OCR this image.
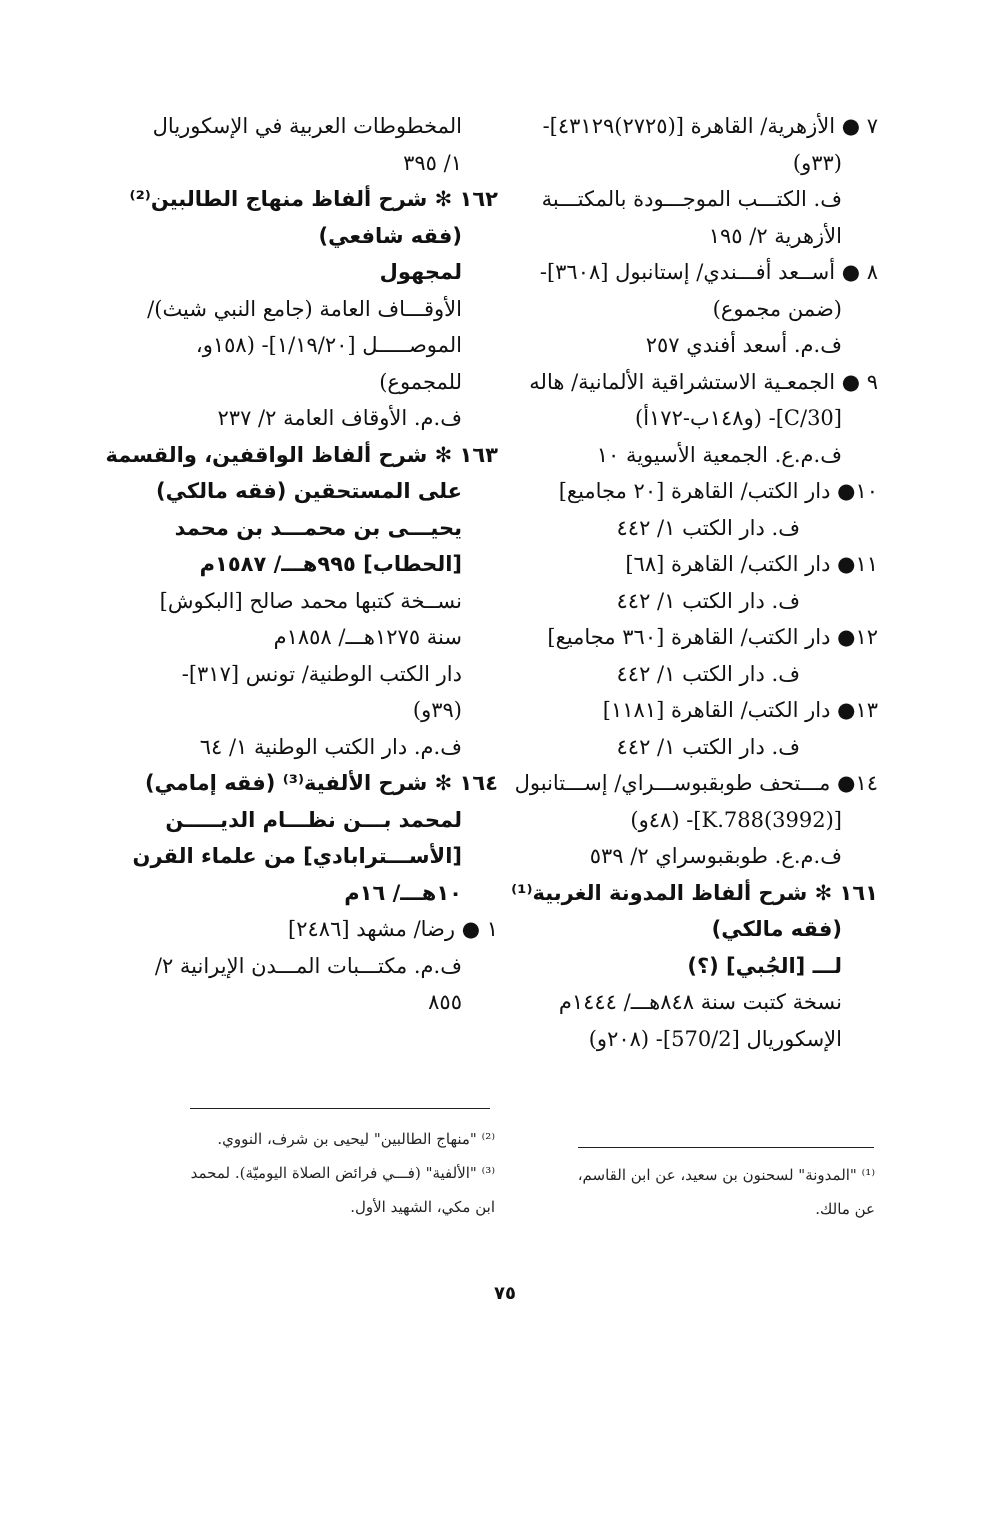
٧ ● الأزهرية/ القاهرة [(٢٧٢٥)٤٣١٢٩]-
(٣٣و)
ف. الكتـــب الموجـــودة بالمكتـــبة
الأزهرية ٢/ ١٩٥
٨ ● أســعد أفـــندي/ إستانبول [٣٦٠٨]-
(ضمن مجموع)
ف.م. أسعد أفندي ٢٥٧
٩ ● الجمعـية الاستشراقية الألمانية/ هاله
[30/C]- (و١٤٨ب-١٧٢أ)
ف.م.ع. الجمعية الأسيوية ١٠
١٠● دار الكتب/ القاهرة [٢٠ مجاميع]
ف. دار الكتب ١/ ٤٤٢
١١● دار الكتب/ القاهرة [٦٨]
ف. دار الكتب ١/ ٤٤٢
١٢● دار الكتب/ القاهرة [٣٦٠ مجاميع]
ف. دار الكتب ١/ ٤٤٢
١٣● دار الكتب/ القاهرة [١١٨١]
ف. دار الكتب ١/ ٤٤٢
١٤● مـــتحف طوبقبوســـراي/ إســـتانبول
[(3992)K.788]- (٤٨و)
ف.م.ع. طوبقبوسراي ٢/ ٥٣٩
١٦١ ✻ شرح ألفاظ المدونة الغربية⁽¹⁾
(فقه مالكي)
لـــ [الجُبي] (؟)
نسخة كتبت سنة ٨٤٨هـــ/ ١٤٤٤م
الإسكوريال [570/2]- (٢٠٨و)
المخطوطات العربية في الإسكوريال
١/ ٣٩٥
١٦٢ ✻ شرح ألفاظ منهاج الطالبين⁽²⁾
(فقه شافعي)
لمجهول
الأوقـــاف العامة (جامع النبي شيث)/
الموصـــــل [١/١٩/٢٠]- (١٥٨و،
للمجموع)
ف.م. الأوقاف العامة ٢/ ٢٣٧
١٦٣ ✻ شرح ألفاظ الواقفين، والقسمة
على المستحقين (فقه مالكي)
يحيـــى بن محمـــد بن محمد
[الحطاب] ٩٩٥هـــ/ ١٥٨٧م
نســخة كتبها محمد صالح [البكوش]
سنة ١٢٧٥هـــ/ ١٨٥٨م
دار الكتب الوطنية/ تونس [٣١٧]-
(٣٩و)
ف.م. دار الكتب الوطنية ١/ ٦٤
١٦٤ ✻ شرح الألفية⁽³⁾ (فقه إمامي)
لمحمد بـــن نظـــام الديـــــن
[الأســـترابادي] من علماء القرن
١٠هـــ/ ١٦م
١ ● رضا/ مشهد [٢٤٨٦]
ف.م. مكتـــبات المـــدن الإيرانية ٢/
٨٥٥
⁽¹⁾ "المدونة" لسحنون بن سعيد، عن ابن القاسم،
عن مالك.
⁽²⁾ "منهاج الطالبين" ليحيى بن شرف، النووي.
⁽³⁾ "الألفية" (فـــي فرائض الصلاة اليوميّة). لمحمد
ابن مكي، الشهيد الأول.
٧٥
